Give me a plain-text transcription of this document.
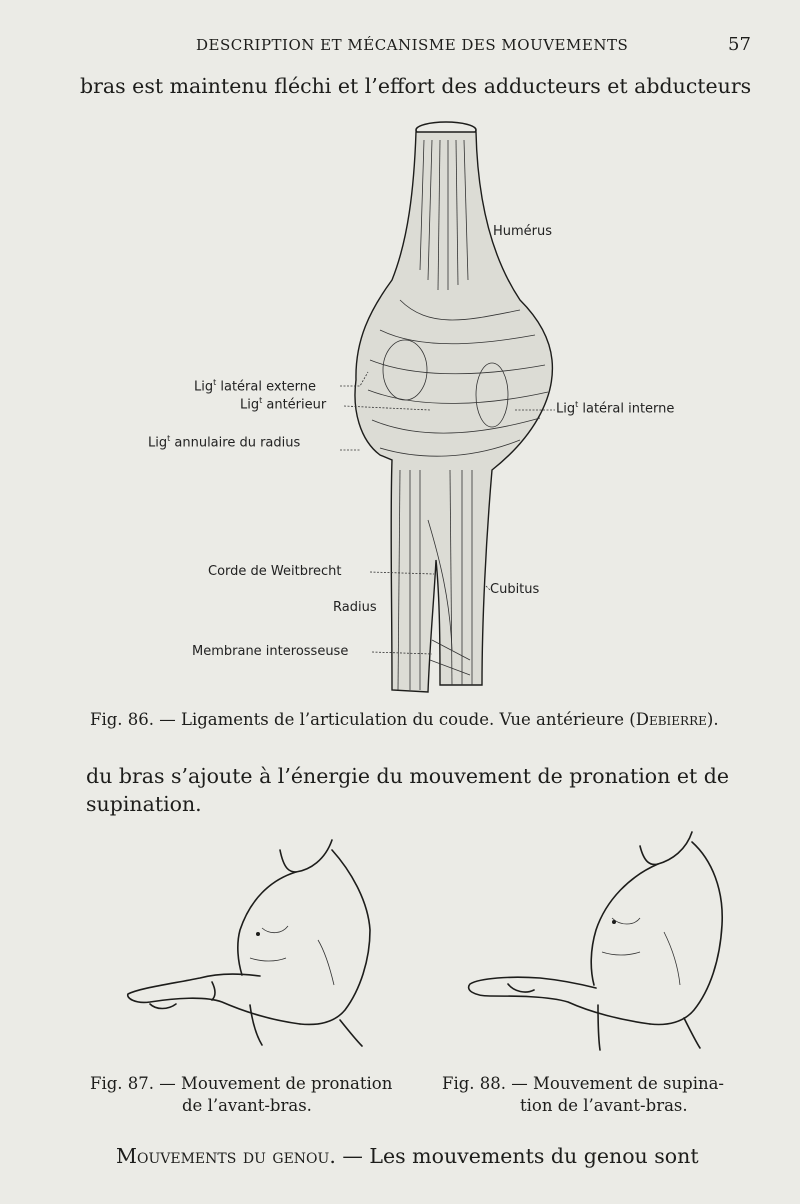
DESCRIPTION ET MÉCANISME DES MOUVEMENTS	57
bras est maintenu fléchi et l’effort des adducteurs et abducteurs
Humérus
Lig$^t$ latéral externe
Lig$^t$ antérieur	Lig$^t$ latéral interne
Lig$^t$ annulaire du radius
Corde de Weitbrecht
Cubitus
Radius
Membrane interosseuse
Fig. 86. — Ligaments de l’articulation du coude. Vue antérieure (Debierre).
du bras s’ajoute à l’énergie du mouvement de pronation et de
supination.
Fig. 87. — Mouvement de pronation
de l’avant-bras.
Fig. 88. — Mouvement de supina-
tion de l’avant-bras.
Mouvements du genou. — Les mouvements du genou sont
